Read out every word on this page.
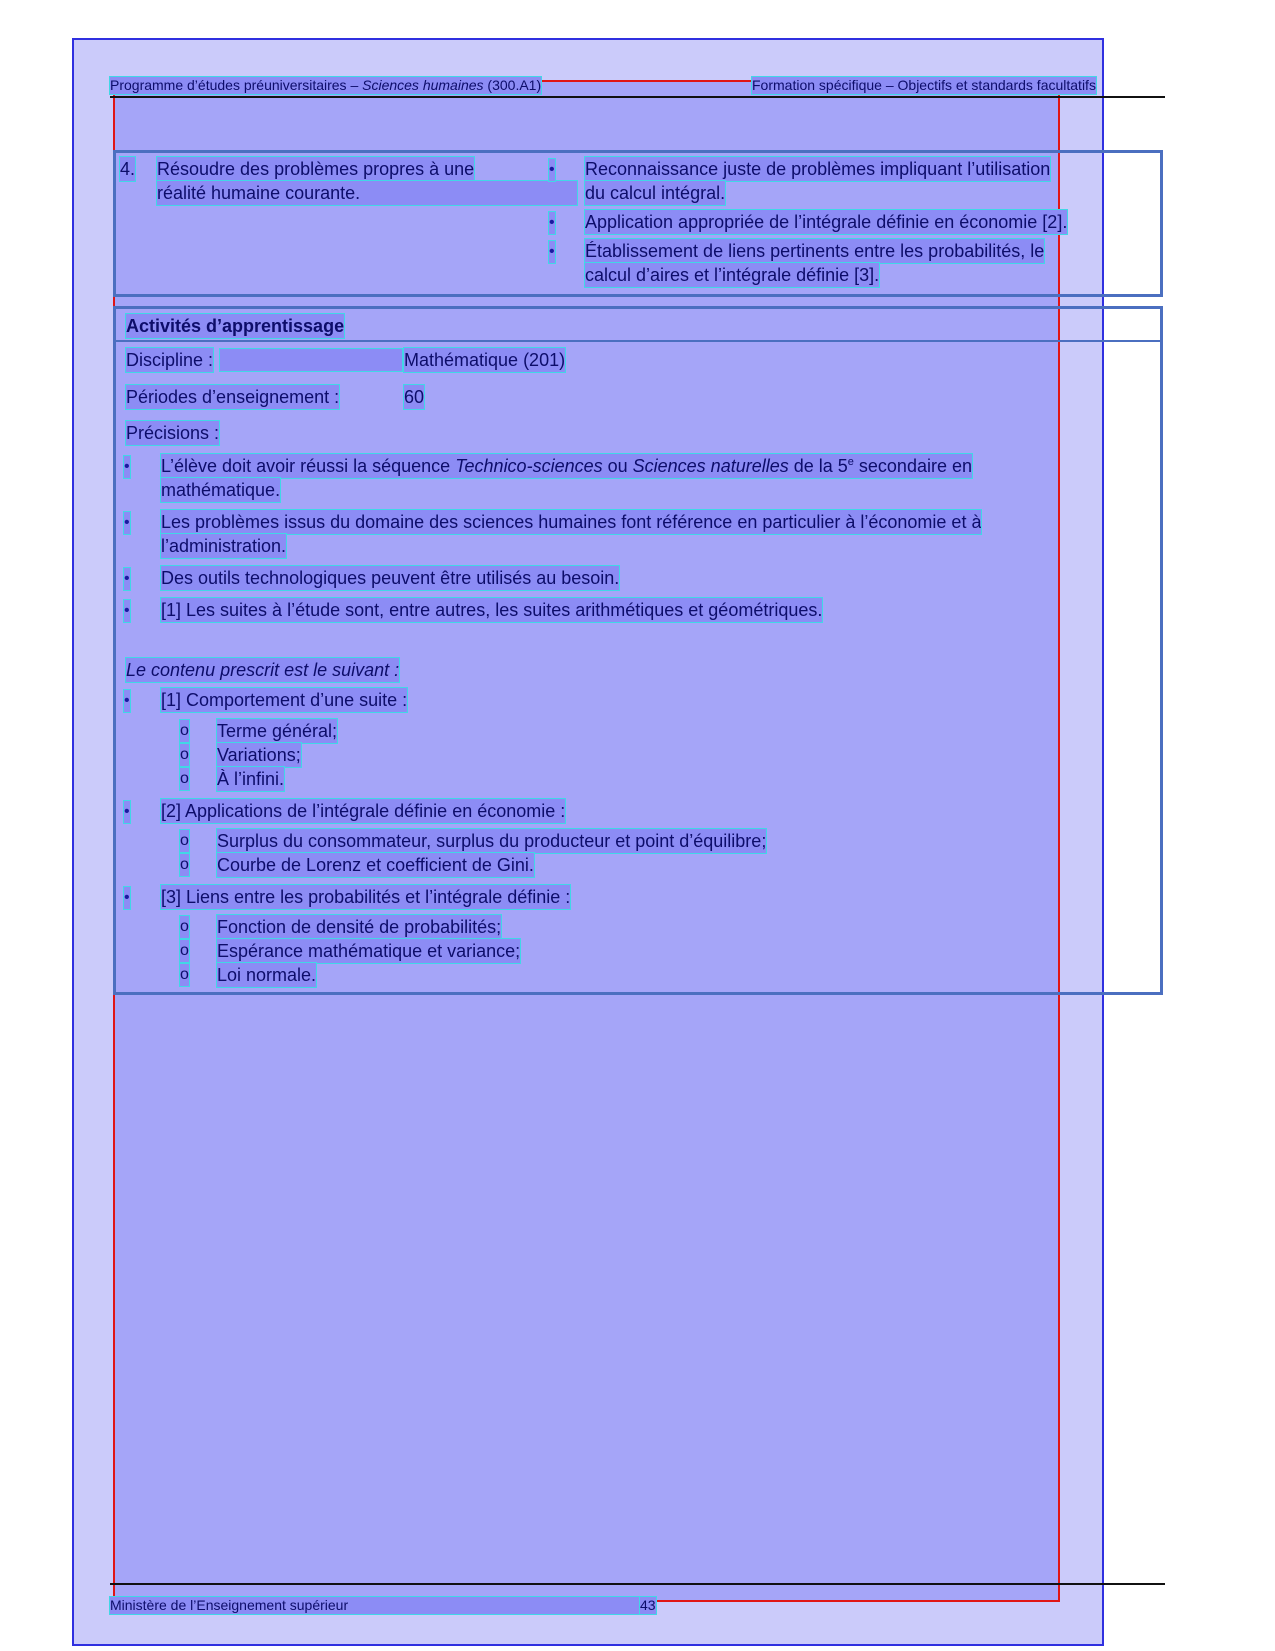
Programme d’études préuniversitaires – Sciences humaines (300.A1)	Formation spécifique – Objectifs et standards facultatifs
4. Résoudre des problèmes propres à une
réalité humaine courante.
• Reconnaissance juste de problèmes impliquant l’utilisation
du calcul intégral.
• Application appropriée de l’intégrale définie en économie [2].
• Établissement de liens pertinents entre les probabilités, le
calcul d’aires et l’intégrale définie [3].
Activités d’apprentissage
Discipline :	Mathématique (201)
Périodes d’enseignement :	60
Précisions :
• L’élève doit avoir réussi la séquence Technico-sciences ou Sciences naturelles de la 5e secondaire en
mathématique.
• Les problèmes issus du domaine des sciences humaines font référence en particulier à l’économie et à
l’administration.
• Des outils technologiques peuvent être utilisés au besoin.
• [1] Les suites à l’étude sont, entre autres, les suites arithmétiques et géométriques.
Le contenu prescrit est le suivant :
• [1] Comportement d’une suite :
o Terme général;
o Variations;
o À l’infini.
• [2] Applications de l’intégrale définie en économie :
o Surplus du consommateur, surplus du producteur et point d’équilibre;
o Courbe de Lorenz et coefficient de Gini.
• [3] Liens entre les probabilités et l’intégrale définie :
o Fonction de densité de probabilités;
o Espérance mathématique et variance;
o Loi normale.
Ministère de l’Enseignement supérieur	43
